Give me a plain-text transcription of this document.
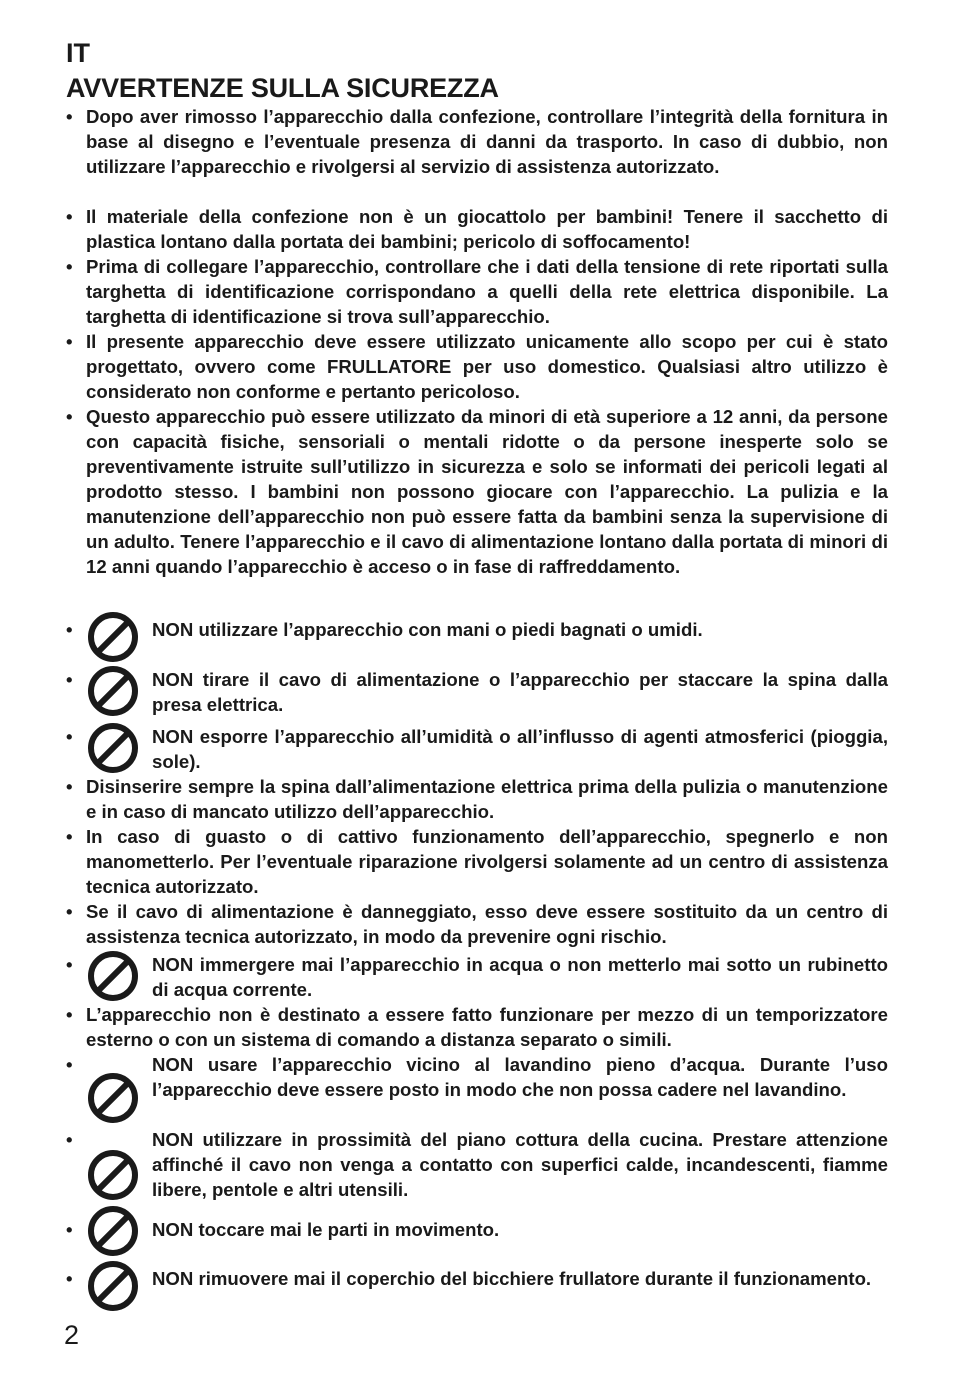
IT
AVVERTENZE SULLA SICUREZZA
• Dopo aver rimosso l’apparecchio dalla confezione, controllare l’integrità della fornitura in base al disegno e l’eventuale presenza di danni da trasporto. In caso di dubbio, non utilizzare l’apparecchio e rivolgersi al servizio di assistenza autorizzato.
• Il materiale della confezione non è un giocattolo per bambini! Tenere il sacchetto di plastica lontano dalla portata dei bambini; pericolo di soffocamento!
• Prima di collegare l’apparecchio, controllare che i dati della tensione di rete riportati sulla targhetta di identificazione corrispondano a quelli della rete elettrica disponibile. La targhetta di identificazione si trova sull’apparecchio.
• Il presente apparecchio deve essere utilizzato unicamente allo scopo per cui è stato progettato, ovvero come FRULLATORE per uso domestico. Qualsiasi altro utilizzo è considerato non conforme e pertanto pericoloso.
• Questo apparecchio può essere utilizzato da minori di età superiore a 12 anni, da persone con capacità fisiche, sensoriali o mentali ridotte o da persone inesperte solo se preventivamente istruite sull’utilizzo in sicurezza e solo se informati dei pericoli legati al prodotto stesso. I bambini non possono giocare con l’apparecchio. La pulizia e la manutenzione dell’apparecchio non può essere fatta da bambini senza la supervisione di un adulto. Tenere l’apparecchio e il cavo di alimentazione lontano dalla portata di minori di 12 anni quando l’apparecchio è acceso o in fase di raffreddamento.
•	NON utilizzare l’apparecchio con mani o piedi bagnati o umidi.
•	NON tirare il cavo di alimentazione o l’apparecchio per staccare la spina dalla presa elettrica.
•	NON esporre l’apparecchio all’umidità o all’influsso di agenti atmosferici (pioggia, sole).
• Disinserire sempre la spina dall’alimentazione elettrica prima della pulizia o manutenzione e in caso di mancato utilizzo dell’apparecchio.
• In caso di guasto o di cattivo funzionamento dell’apparecchio, spegnerlo e non manometterlo. Per l’eventuale riparazione rivolgersi solamente ad un centro di assistenza tecnica autorizzato.
• Se il cavo di alimentazione è danneggiato, esso deve essere sostituito da un centro di assistenza tecnica autorizzato, in modo da prevenire ogni rischio.
•	NON immergere mai l’apparecchio in acqua o non metterlo mai sotto un rubinetto di acqua corrente.
• L’apparecchio non è destinato a essere fatto funzionare per mezzo di un temporizzatore esterno o con un sistema di comando a distanza separato o simili.
•	NON usare l’apparecchio vicino al lavandino pieno d’acqua. Durante l’uso l’apparecchio deve essere posto in modo che non possa cadere nel lavandino.
•	NON utilizzare in prossimità del piano cottura della cucina. Prestare attenzione affinché il cavo non venga a contatto con superfici calde, incandescenti, fiamme libere, pentole e altri utensili.
•	NON toccare mai le parti in movimento.
•	NON rimuovere mai il coperchio del bicchiere frullatore durante il funzionamento.
2
